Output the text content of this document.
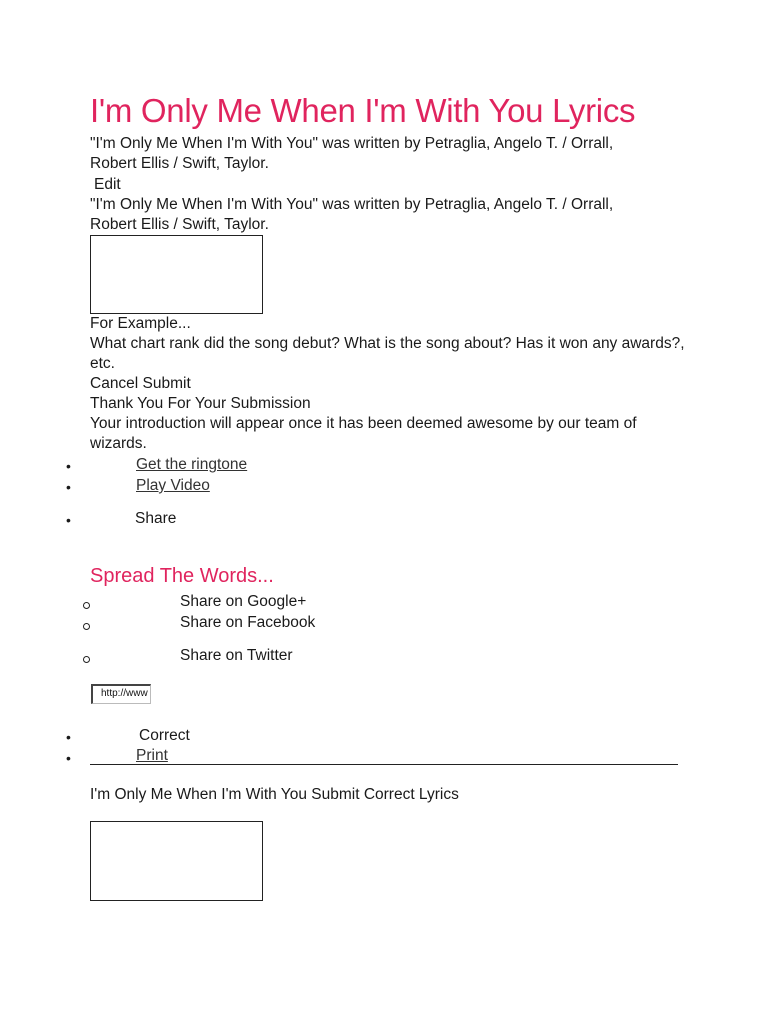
I'm Only Me When I'm With You Lyrics
"I'm Only Me When I'm With You" was written by Petraglia, Angelo T. / Orrall,
Robert Ellis / Swift, Taylor.
Edit
"I'm Only Me When I'm With You" was written by Petraglia, Angelo T. / Orrall,
Robert Ellis / Swift, Taylor.
For Example...
What chart rank did the song debut? What is the song about? Has it won any awards?, etc.
Cancel Submit
Thank You For Your Submission
Your introduction will appear once it has been deemed awesome by our team of wizards.
•	Get the ringtone
•	Play Video
•	Share
Spread The Words...
Share on Google+
Share on Facebook
Share on Twitter
http://www
•	Correct
•	Print
I'm Only Me When I'm With You Submit Correct Lyrics
